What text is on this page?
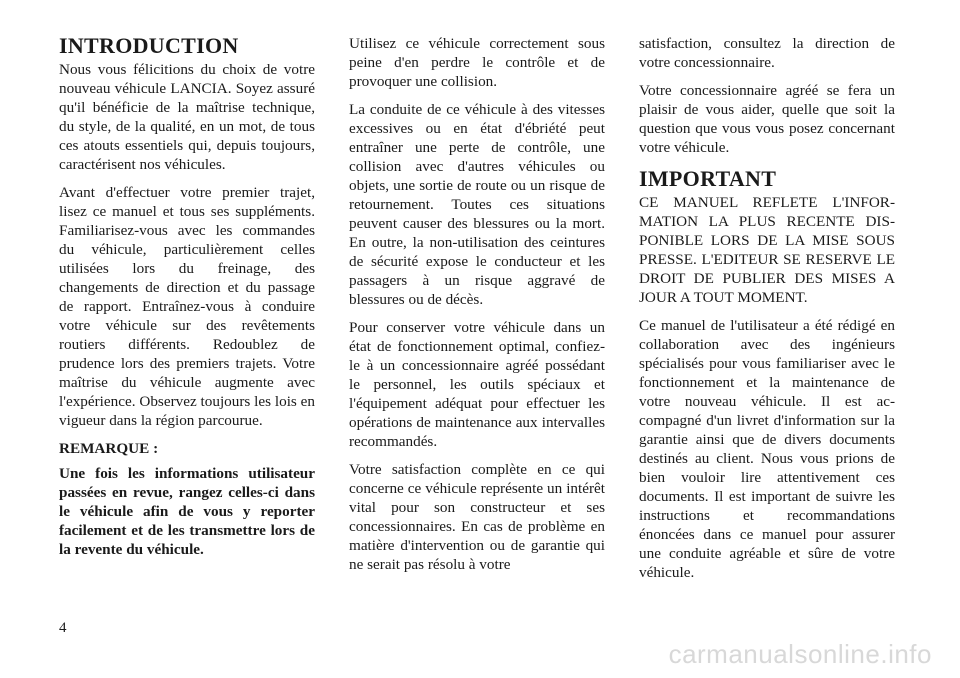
INTRODUCTION

Nous vous félicitions du choix de votre nouveau véhicule LANCIA. Soyez assuré qu'il bénéficie de la maîtrise technique, du style, de la qualité, en un mot, de tous ces atouts essentiels qui, depuis toujours, caractérisent nos véhicules.

Avant d'effectuer votre premier trajet, lisez ce manuel et tous ses suppléments. Familiarisez-vous avec les commandes du véhicule, particulièrement celles utilisées lors du freinage, des changements de direction et du passage de rapport. Entraînez-vous à conduire votre véhicule sur des revêtements routiers différents. Redoublez de prudence lors des premiers trajets. Votre maîtrise du véhicule augmente avec l'expérience. Observez toujours les lois en vigueur dans la région parcourue.

REMARQUE :

Une fois les informations utilisateur passées en revue, rangez celles-ci dans le véhicule afin de vous y reporter facilement et de les transmettre lors de la revente du véhicule.

Utilisez ce véhicule correctement sous peine d'en perdre le contrôle et de provoquer une collision.

La conduite de ce véhicule à des vitesses excessives ou en état d'ébriété peut entraîner une perte de contrôle, une collision avec d'autres véhicules ou objets, une sortie de route ou un risque de retournement. Toutes ces situations peuvent causer des blessures ou la mort. En outre, la non-utilisation des ceintures de sécurité expose le conducteur et les passagers à un risque aggravé de blessures ou de décès.

Pour conserver votre véhicule dans un état de fonctionnement optimal, confiez-le à un concessionnaire agréé possédant le personnel, les outils spéciaux et l'équipement adéquat pour effectuer les opérations de maintenance aux intervalles recommandés.

Votre satisfaction complète en ce qui concerne ce véhicule représente un intérêt vital pour son constructeur et ses concessionnaires. En cas de problème en matière d'intervention ou de garantie qui ne serait pas résolu à votre

satisfaction, consultez la direction de votre concessionnaire.

Votre concessionnaire agréé se fera un plaisir de vous aider, quelle que soit la question que vous vous posez concernant votre véhicule.

IMPORTANT

CE MANUEL REFLETE L'INFORMATION LA PLUS RECENTE DISPONIBLE LORS DE LA MISE SOUS PRESSE. L'EDITEUR SE RESERVE LE DROIT DE PUBLIER DES MISES A JOUR A TOUT MOMENT.

Ce manuel de l'utilisateur a été rédigé en collaboration avec des ingénieurs spécialisés pour vous familiariser avec le fonctionnement et la maintenance de votre nouveau véhicule. Il est accompagné d'un livret d'information sur la garantie ainsi que de divers documents destinés au client. Nous vous prions de bien vouloir lire attentivement ces documents. Il est important de suivre les instructions et recommandations énoncées dans ce manuel pour assurer une conduite agréable et sûre de votre véhicule.

4
carmanualsonline.info
